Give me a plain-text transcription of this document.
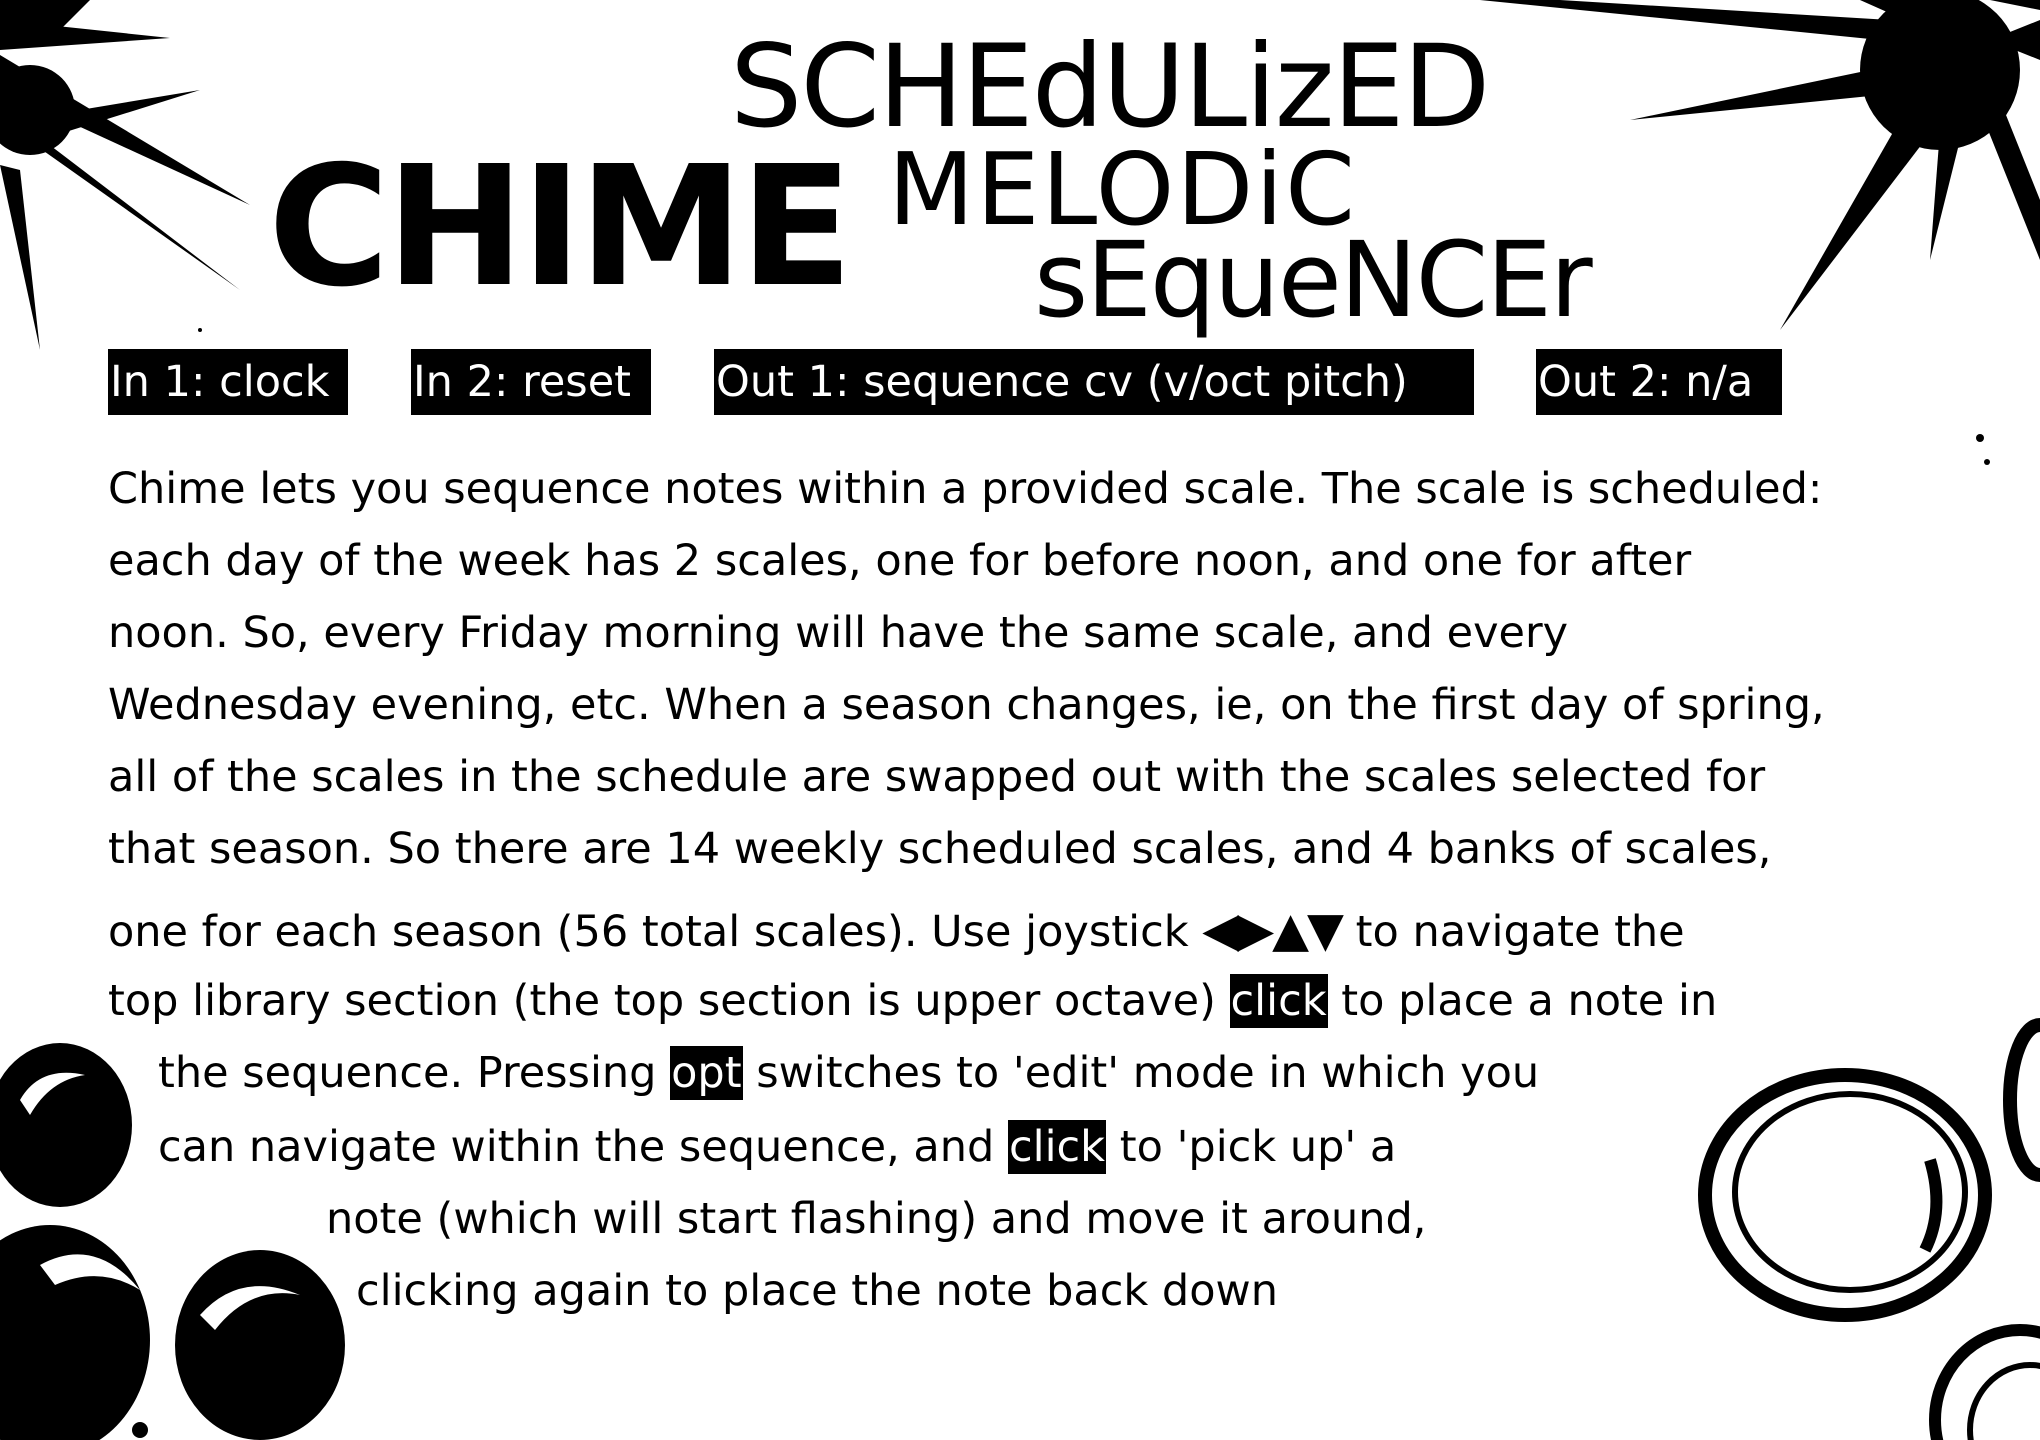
CHIME
SCHEdULizED
MELODiC
sEqueNCEr
In 1: clock	In 2: reset	Out 1: sequence cv (v/oct pitch)	Out 2: n/a
Chime lets you sequence notes within a provided scale. The scale is scheduled:
each day of the week has 2 scales, one for before noon, and one for after
noon. So, every Friday morning will have the same scale, and every
Wednesday evening, etc. When a season changes, ie, on the first day of spring,
all of the scales in the schedule are swapped out with the scales selected for
that season. So there are 14 weekly scheduled scales, and 4 banks of scales,
one for each season (56 total scales). Use joystick ◀▶▲▼ to navigate the
top library section (the top section is upper octave) click to place a note in
the sequence. Pressing opt switches to 'edit' mode in which you
can navigate within the sequence, and click to 'pick up' a
note (which will start flashing) and move it around,
clicking again to place the note back down
